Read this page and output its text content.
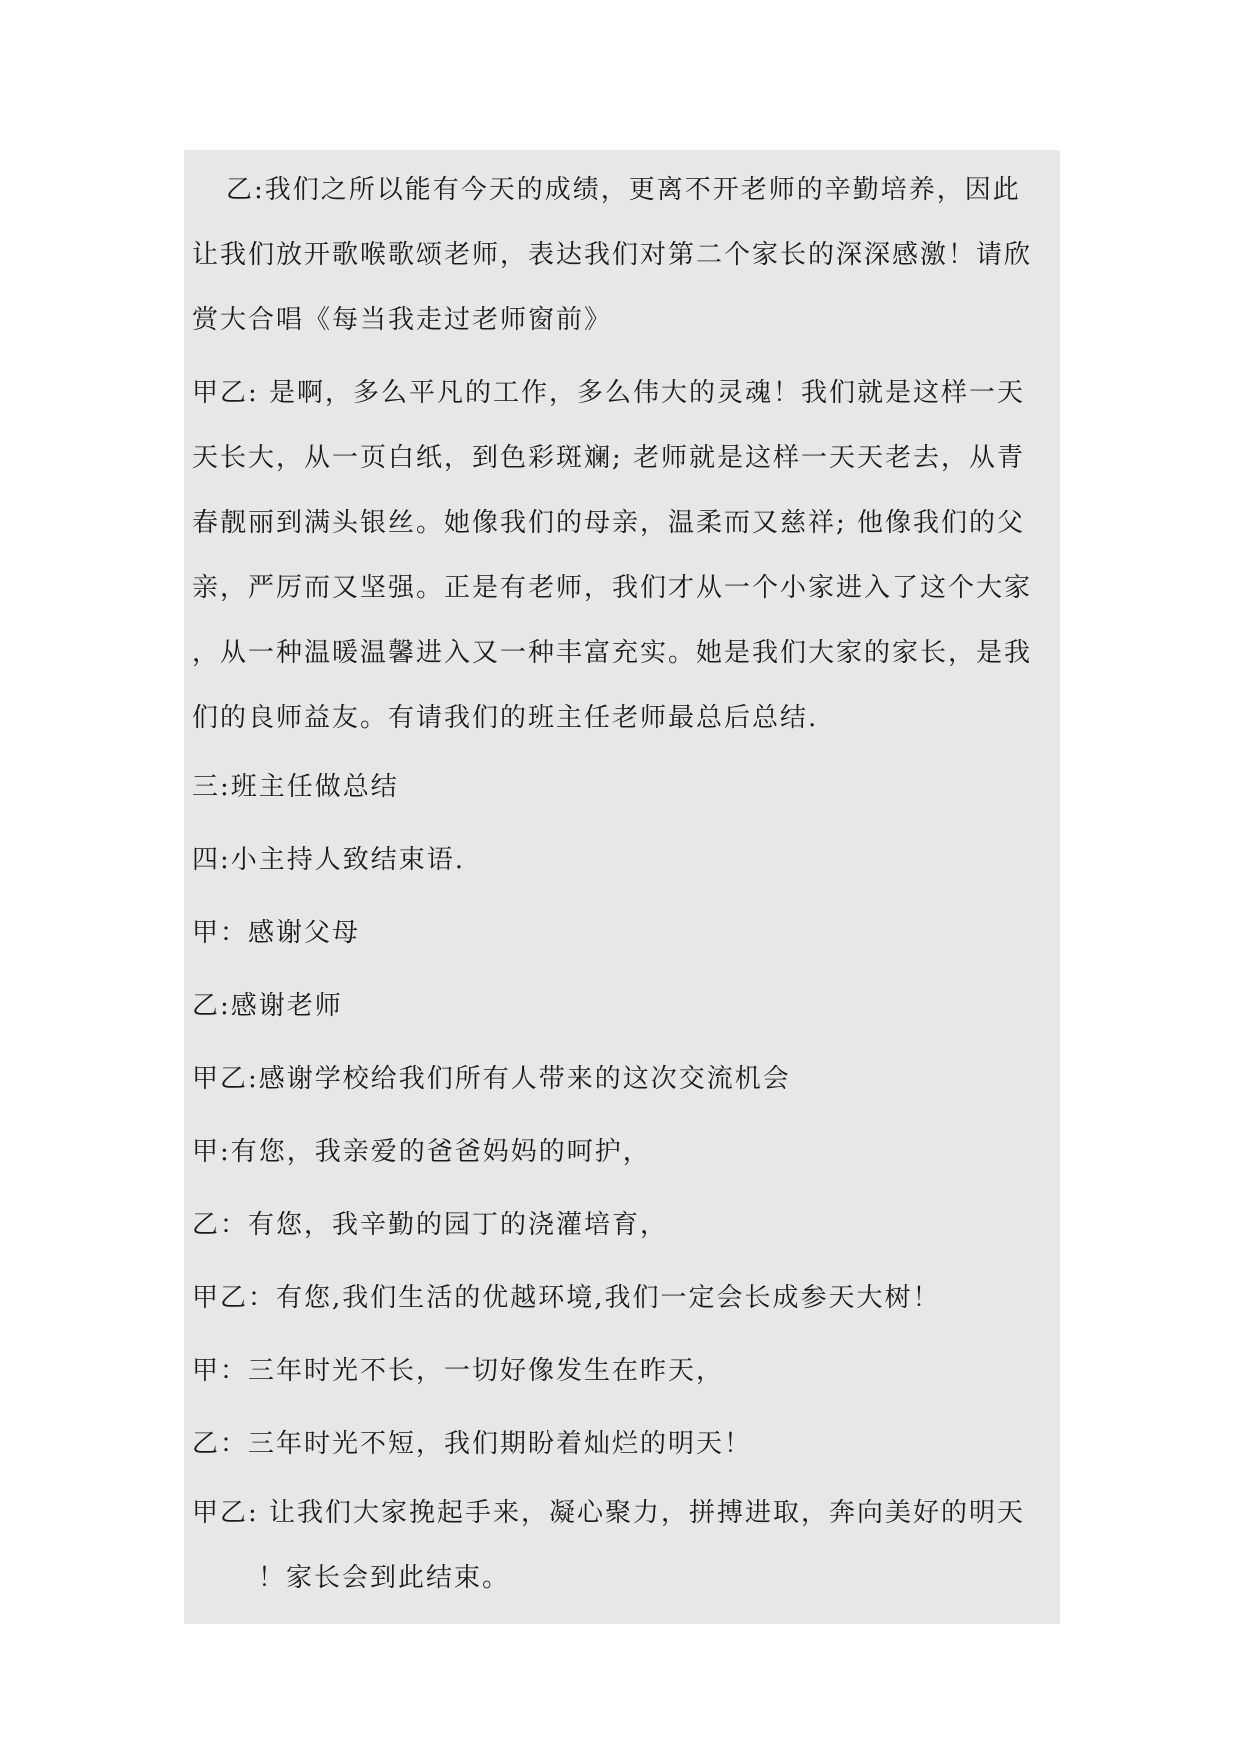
乙:我们之所以能有今天的成绩，更离不开老师的辛勤培养，因此
让我们放开歌喉歌颂老师，表达我们对第二个家长的深深感激！请欣
赏大合唱《每当我走过老师窗前》
甲乙: 是啊，多么平凡的工作，多么伟大的灵魂！我们就是这样一天
天长大，从一页白纸，到色彩斑斓; 老师就是这样一天天老去，从青
春靓丽到满头银丝。她像我们的母亲，温柔而又慈祥; 他像我们的父
亲，严厉而又坚强。正是有老师，我们才从一个小家进入了这个大家
，从一种温暖温馨进入又一种丰富充实。她是我们大家的家长，是我
们的良师益友。有请我们的班主任老师最总后总结.
三:班主任做总结
四:小主持人致结束语.
甲：感谢父母
乙:感谢老师
甲乙:感谢学校给我们所有人带来的这次交流机会
甲:有您，我亲爱的爸爸妈妈的呵护，
乙：有您，我辛勤的园丁的浇灌培育，
甲乙：有您,我们生活的优越环境,我们一定会长成参天大树！
甲：三年时光不长，一切好像发生在昨天，
乙：三年时光不短，我们期盼着灿烂的明天！
甲乙: 让我们大家挽起手来，凝心聚力，拼搏进取，奔向美好的明天
！家长会到此结束。
